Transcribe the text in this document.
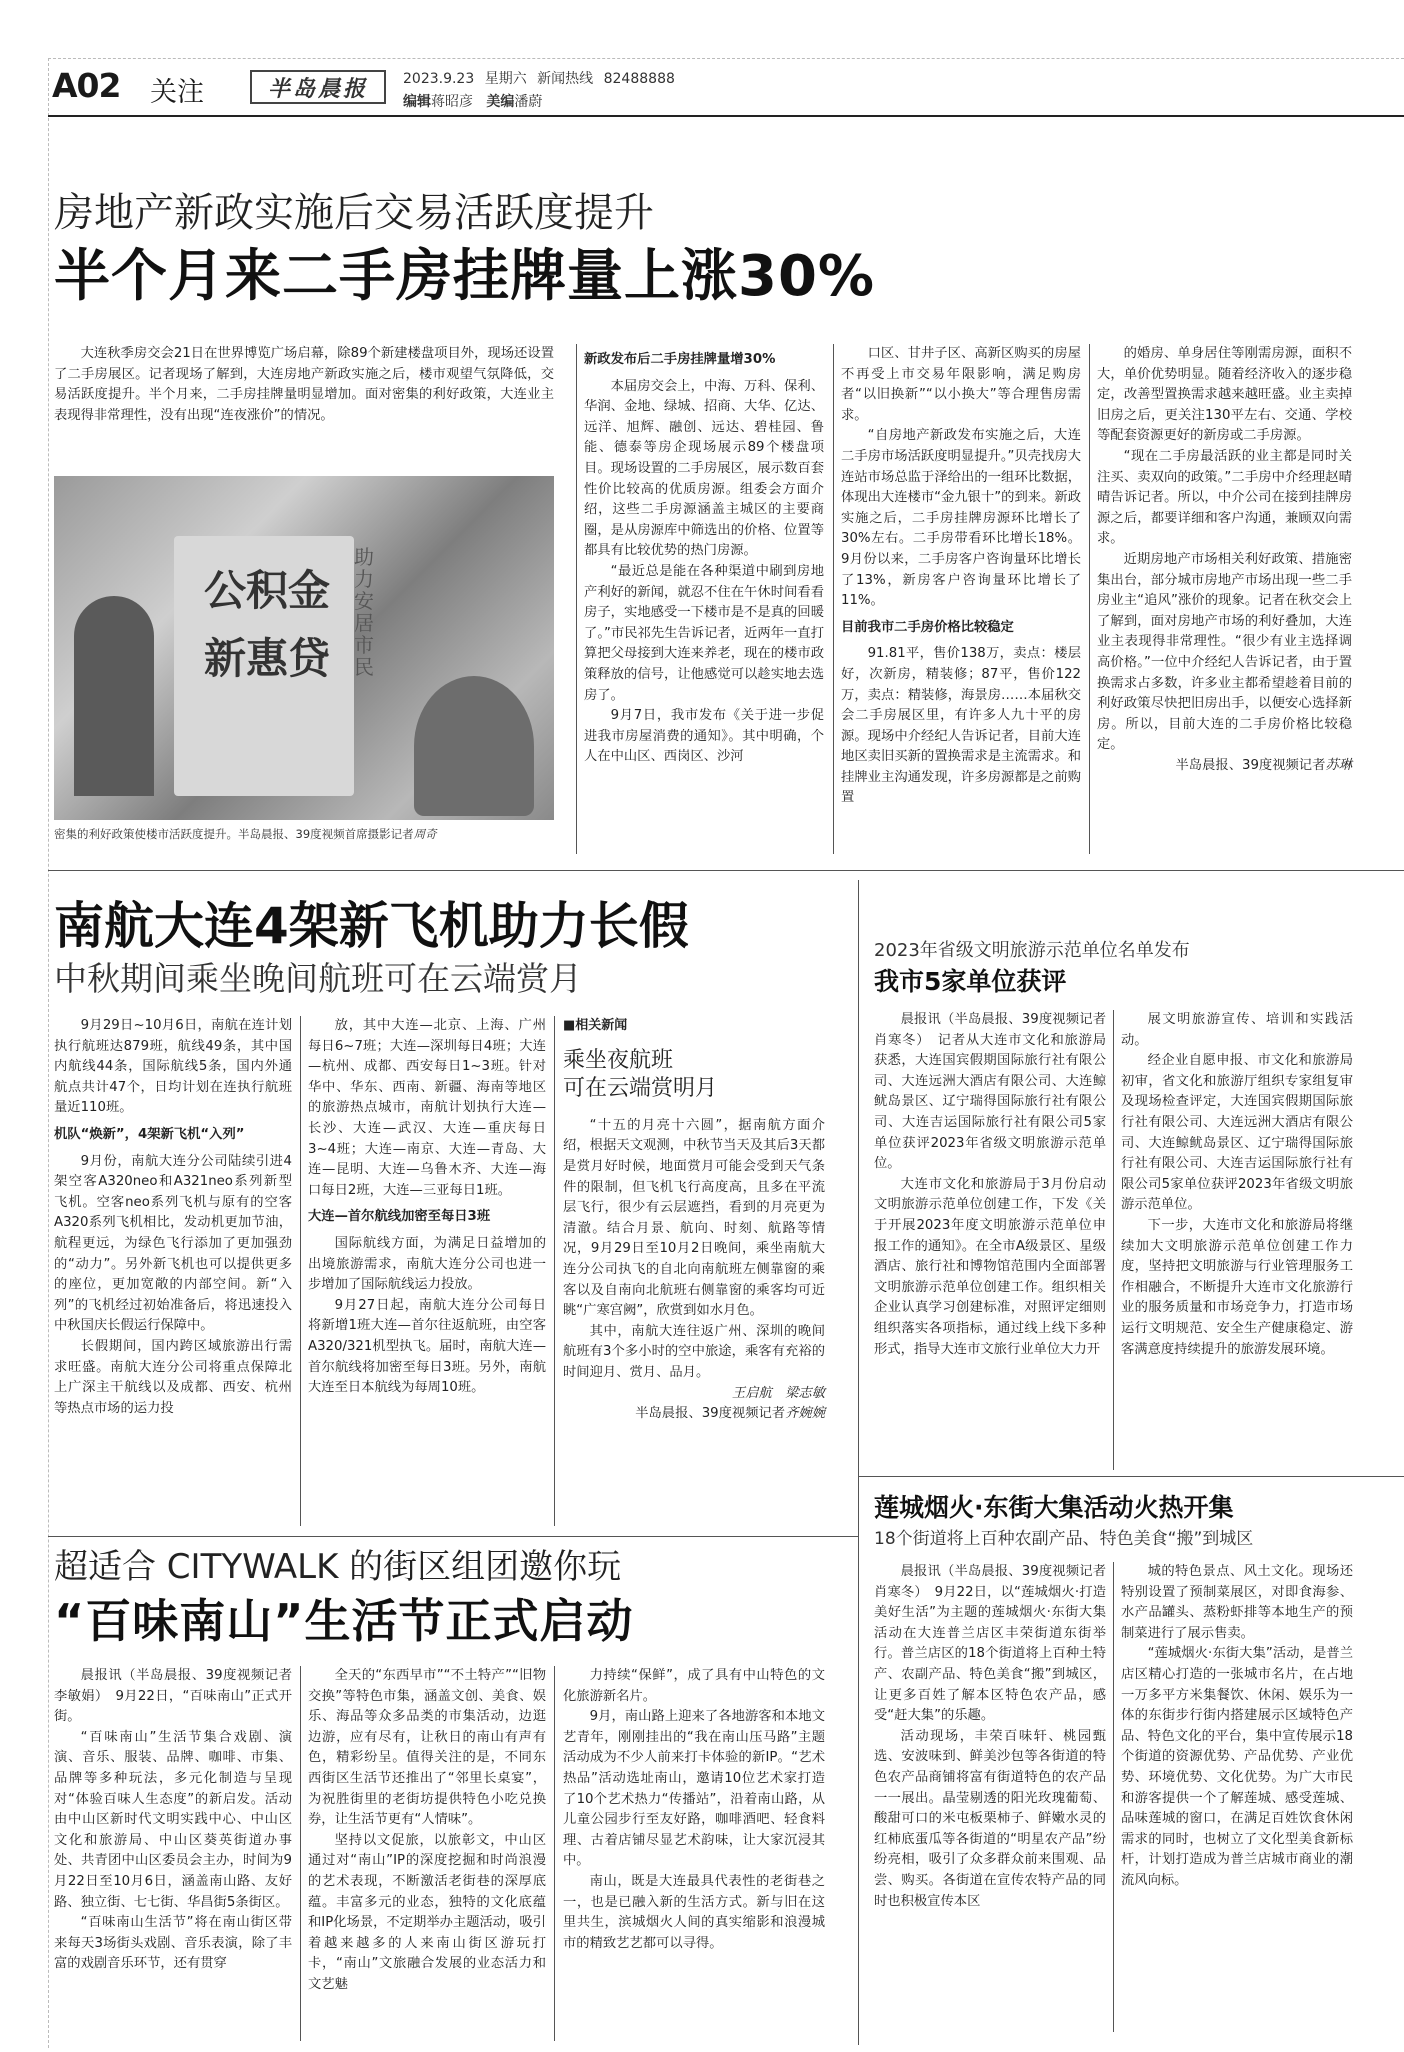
A02 关注	半岛晨报	2023.9.23 星期六 新闻热线 82488888
编辑蒋昭彦 美编潘蔚
房地产新政实施后交易活跃度提升
半个月来二手房挂牌量上涨30%

大连秋季房交会21日在世界博览广场启幕，除89个新建楼盘项目外，现场还设置了二手房展区。记者现场了解到，大连房地产新政实施之后，楼市观望气氛降低，交易活跃度提升。半个月来，二手房挂牌量明显增加。面对密集的利好政策，大连业主表现得非常理性，没有出现“连夜涨价”的情况。

公积金
新惠贷
助力安居市民
密集的利好政策使楼市活跃度提升。半岛晨报、39度视频首席摄影记者周奇

新政发布后二手房挂牌量增30%

本届房交会上，中海、万科、保利、华润、金地、绿城、招商、大华、亿达、远洋、旭辉、融创、远达、碧桂园、鲁能、德泰等房企现场展示89个楼盘项目。现场设置的二手房展区，展示数百套性价比较高的优质房源。组委会方面介绍，这些二手房源涵盖主城区的主要商圈，是从房源库中筛选出的价格、位置等都具有比较优势的热门房源。

“最近总是能在各种渠道中刷到房地产利好的新闻，就忍不住在午休时间看看房子，实地感受一下楼市是不是真的回暖了。”市民祁先生告诉记者，近两年一直打算把父母接到大连来养老，现在的楼市政策释放的信号，让他感觉可以趁实地去选房了。

9月7日，我市发布《关于进一步促进我市房屋消费的通知》。其中明确，个人在中山区、西岗区、沙河

口区、甘井子区、高新区购买的房屋不再受上市交易年限影响，满足购房者“以旧换新”“以小换大”等合理售房需求。

“自房地产新政发布实施之后，大连二手房市场活跃度明显提升。”贝壳找房大连站市场总监于泽给出的一组环比数据，体现出大连楼市“金九银十”的到来。新政实施之后，二手房挂牌房源环比增长了30%左右。二手房带看环比增长18%。9月份以来，二手房客户咨询量环比增长了13%，新房客户咨询量环比增长了11%。

目前我市二手房价格比较稳定

91.81平，售价138万，卖点：楼层好，次新房，精装修；87平，售价122万，卖点：精装修，海景房……本届秋交会二手房展区里，有许多人九十平的房源。现场中介经纪人告诉记者，目前大连地区卖旧买新的置换需求是主流需求。和挂牌业主沟通发现，许多房源都是之前购置

的婚房、单身居住等刚需房源，面积不大，单价优势明显。随着经济收入的逐步稳定，改善型置换需求越来越旺盛。业主卖掉旧房之后，更关注130平左右、交通、学校等配套资源更好的新房或二手房源。

“现在二手房最活跃的业主都是同时关注买、卖双向的政策。”二手房中介经理赵晴晴告诉记者。所以，中介公司在接到挂牌房源之后，都要详细和客户沟通，兼顾双向需求。

近期房地产市场相关利好政策、措施密集出台，部分城市房地产市场出现一些二手房业主“追风”涨价的现象。记者在秋交会上了解到，面对房地产市场的利好叠加，大连业主表现得非常理性。“很少有业主选择调高价格。”一位中介经纪人告诉记者，由于置换需求占多数，许多业主都希望趁着目前的利好政策尽快把旧房出手，以便安心选择新房。所以，目前大连的二手房价格比较稳定。

半岛晨报、39度视频记者苏琳

南航大连4架新飞机助力长假
中秋期间乘坐晚间航班可在云端赏月

9月29日~10月6日，南航在连计划执行航班达879班，航线49条，其中国内航线44条，国际航线5条，国内外通航点共计47个，日均计划在连执行航班量近110班。

机队“焕新”，4架新飞机“入列”

9月份，南航大连分公司陆续引进4架空客A320neo和A321neo系列新型飞机。空客neo系列飞机与原有的空客A320系列飞机相比，发动机更加节油，航程更远，为绿色飞行添加了更加强劲的“动力”。另外新飞机也可以提供更多的座位，更加宽敞的内部空间。新“入列”的飞机经过初始准备后，将迅速投入中秋国庆长假运行保障中。

长假期间，国内跨区域旅游出行需求旺盛。南航大连分公司将重点保障北上广深主干航线以及成都、西安、杭州等热点市场的运力投

放，其中大连—北京、上海、广州每日6~7班；大连—深圳每日4班；大连—杭州、成都、西安每日1~3班。针对华中、华东、西南、新疆、海南等地区的旅游热点城市，南航计划执行大连—长沙、大连—武汉、大连—重庆每日3~4班；大连—南京、大连—青岛、大连—昆明、大连—乌鲁木齐、大连—海口每日2班，大连—三亚每日1班。

大连—首尔航线加密至每日3班

国际航线方面，为满足日益增加的出境旅游需求，南航大连分公司也进一步增加了国际航线运力投放。

9月27日起，南航大连分公司每日将新增1班大连—首尔往返航班，由空客A320/321机型执飞。届时，南航大连—首尔航线将加密至每日3班。另外，南航大连至日本航线为每周10班。

■相关新闻

乘坐夜航班
可在云端赏明月

“十五的月亮十六圆”，据南航方面介绍，根据天文观测，中秋节当天及其后3天都是赏月好时候，地面赏月可能会受到天气条件的限制，但飞机飞行高度高，且多在平流层飞行，很少有云层遮挡，看到的月亮更为清澈。结合月景、航向、时刻、航路等情况，9月29日至10月2日晚间，乘坐南航大连分公司执飞的自北向南航班左侧靠窗的乘客以及自南向北航班右侧靠窗的乘客均可近眺“广寒宫阙”，欣赏到如水月色。

其中，南航大连往返广州、深圳的晚间航班有3个多小时的空中旅途，乘客有充裕的时间迎月、赏月、品月。

王启航　梁志敏

半岛晨报、39度视频记者齐婉婉

2023年省级文明旅游示范单位名单发布
我市5家单位获评

晨报讯（半岛晨报、39度视频记者 肖寒冬）　记者从大连市文化和旅游局获悉，大连国宾假期国际旅行社有限公司、大连远洲大酒店有限公司、大连鲸鱿岛景区、辽宁瑞得国际旅行社有限公司、大连吉运国际旅行社有限公司5家单位获评2023年省级文明旅游示范单位。

大连市文化和旅游局于3月份启动文明旅游示范单位创建工作，下发《关于开展2023年度文明旅游示范单位申报工作的通知》。在全市A级景区、星级酒店、旅行社和博物馆范围内全面部署文明旅游示范单位创建工作。组织相关企业认真学习创建标准，对照评定细则组织落实各项指标，通过线上线下多种形式，指导大连市文旅行业单位大力开

展文明旅游宣传、培训和实践活动。

经企业自愿申报、市文化和旅游局初审，省文化和旅游厅组织专家组复审及现场检查评定，大连国宾假期国际旅行社有限公司、大连远洲大酒店有限公司、大连鲸鱿岛景区、辽宁瑞得国际旅行社有限公司、大连吉运国际旅行社有限公司5家单位获评2023年省级文明旅游示范单位。

下一步，大连市文化和旅游局将继续加大文明旅游示范单位创建工作力度，坚持把文明旅游与行业管理服务工作相融合，不断提升大连市文化旅游行业的服务质量和市场竞争力，打造市场运行文明规范、安全生产健康稳定、游客满意度持续提升的旅游发展环境。

莲城烟火·东街大集活动火热开集
18个街道将上百种农副产品、特色美食“搬”到城区

晨报讯（半岛晨报、39度视频记者 肖寒冬）　9月22日，以“莲城烟火·打造美好生活”为主题的莲城烟火·东街大集活动在大连普兰店区丰荣街道东街举行。普兰店区的18个街道将上百种土特产、农副产品、特色美食“搬”到城区，让更多百姓了解本区特色农产品，感受“赶大集”的乐趣。

活动现场，丰荣百味轩、桃园甄选、安波味到、鲜美沙包等各街道的特色农产品商铺将富有街道特色的农产品一一展出。晶莹剔透的阳光玫瑰葡萄、酸甜可口的米屯板栗柿子、鲜嫩水灵的红柿底蛋瓜等各街道的“明星农产品”纷纷亮相，吸引了众多群众前来围观、品尝、购买。各街道在宣传农特产品的同时也积极宣传本区

城的特色景点、风土文化。现场还特别设置了预制菜展区，对即食海参、水产品罐头、蒸粉虾排等本地生产的预制菜进行了展示售卖。

“莲城烟火·东街大集”活动，是普兰店区精心打造的一张城市名片，在占地一万多平方米集餐饮、休闲、娱乐为一体的东街步行街内搭建展示区域特色产品、特色文化的平台，集中宣传展示18个街道的资源优势、产品优势、产业优势、环境优势、文化优势。为广大市民和游客提供一个了解莲城、感受莲城、品味莲城的窗口，在满足百姓饮食休闲需求的同时，也树立了文化型美食新标杆，计划打造成为普兰店城市商业的潮流风向标。

超适合 CITYWALK 的街区组团邀你玩
“百味南山”生活节正式启动

晨报讯（半岛晨报、39度视频记者 李敏娟）　9月22日，“百味南山”正式开街。

“百味南山”生活节集合戏剧、演演、音乐、服装、品牌、咖啡、市集、品牌等多种玩法，多元化制造与呈现对“体验百味人生态度”的新启发。活动由中山区新时代文明实践中心、中山区文化和旅游局、中山区葵英街道办事处、共青团中山区委员会主办，时间为9月22日至10月6日，涵盖南山路、友好路、独立街、七七街、华昌街5条街区。

“百味南山生活节”将在南山街区带来每天3场街头戏剧、音乐表演，除了丰富的戏剧音乐环节，还有贯穿

全天的“东西早市”“不土特产”“旧物交换”等特色市集，涵盖文创、美食、娱乐、海品等众多品类的市集活动，边逛边游，应有尽有，让秋日的南山有声有色，精彩纷呈。值得关注的是，不同东西街区生活节还推出了“邻里长桌宴”，为祝胜街里的老街坊提供特色小吃兑换券，让生活节更有“人情味”。

坚持以文促旅，以旅彰文，中山区通过对“南山”IP的深度挖掘和时尚浪漫的艺术表现，不断激活老街巷的深厚底蕴。丰富多元的业态，独特的文化底蕴和IP化场景，不定期举办主题活动，吸引着越来越多的人来南山街区游玩打卡，“南山”文旅融合发展的业态活力和文艺魅

力持续“保鲜”，成了具有中山特色的文化旅游新名片。

9月，南山路上迎来了各地游客和本地文艺青年，刚刚挂出的“我在南山压马路”主题活动成为不少人前来打卡体验的新IP。“艺术热品”活动选址南山，邀请10位艺术家打造了10个艺术热力“传播站”，沿着南山路，从儿童公园步行至友好路，咖啡酒吧、轻食料理、古着店铺尽显艺术韵味，让大家沉浸其中。

南山，既是大连最具代表性的老街巷之一，也是已融入新的生活方式。新与旧在这里共生，滨城烟火人间的真实缩影和浪漫城市的精致艺艺都可以寻得。
